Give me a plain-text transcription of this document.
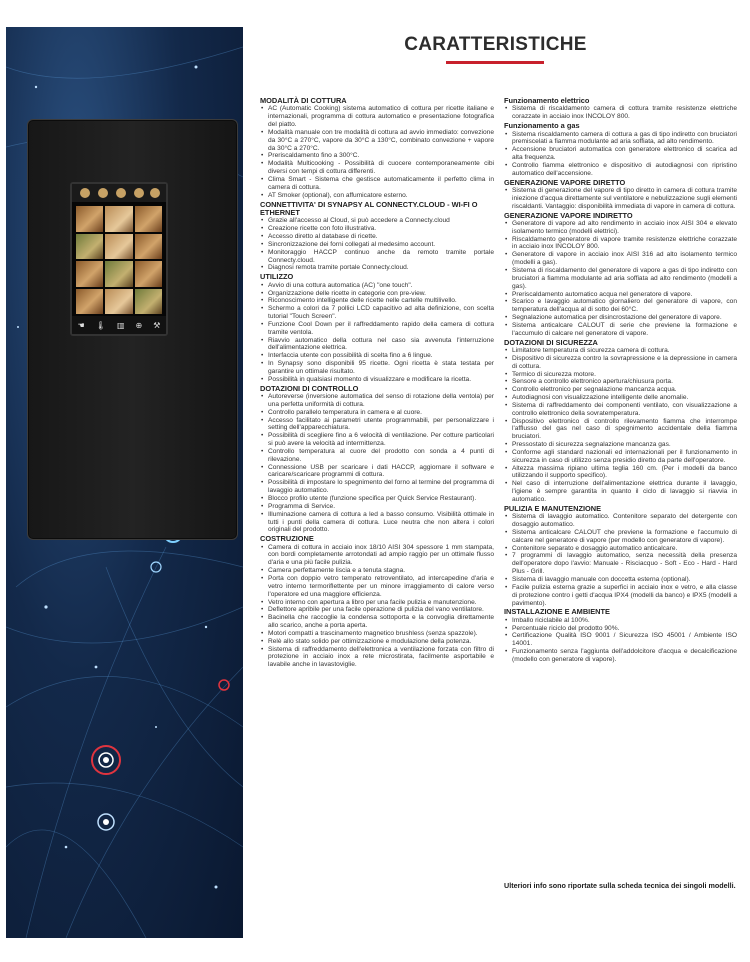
☚ 🌡 ▥ ⊕ ⚒
CARATTERISTICHE
MODALITÀ DI COTTURA
• AC (Automatic Cooking) sistema automatico di cottura per ricette italiane e internazionali, programma di cottura automatico e presentazione fotografica del piatto.
• Modalità manuale con tre modalità di cottura ad avvio immediato: convezione da 30°C a 270°C, vapore da 30°C a 130°C, combinato convezione + vapore da 30°C a 270°C.
• Preriscaldamento fino a 300°C.
• Modalità Multicooking - Possibilità di cuocere contemporaneamente cibi diversi con tempi di cottura differenti.
• Clima Smart - Sistema che gestisce automaticamente il perfetto clima in camera di cottura.
• AT Smoker (optional), con affumicatore esterno.
CONNETTIVITA' DI SYNAPSY AL CONNECTY.CLOUD - WI-FI O ETHERNET
• Grazie all'accesso al Cloud, si può accedere a Connecty.cloud
• Creazione ricette con foto illustrativa.
• Accesso diretto al database di ricette.
• Sincronizzazione dei forni collegati al medesimo account.
• Monitoraggio HACCP continuo anche da remoto tramite portale Connecty.cloud.
• Diagnosi remota tramite portale Connecty.cloud.
UTILIZZO
• Avvio di una cottura automatica (AC) "one touch".
• Organizzazione delle ricette in categorie con pre-view.
• Riconoscimento intelligente delle ricette nelle cartelle multilivello.
• Schermo a colori da 7 pollici LCD capacitivo ad alta definizione, con scelta tutorial "Touch Screen".
• Funzione Cool Down per il raffreddamento rapido della camera di cottura tramite ventola.
• Riavvio automatico della cottura nel caso sia avvenuta l'interruzione dell'alimentazione elettrica.
• Interfaccia utente con possibilità di scelta fino a 6 lingue.
• In Synapsy sono disponibili 95 ricette. Ogni ricetta è stata testata per garantire un ottimale risultato.
• Possibilità in qualsiasi momento di visualizzare e modificare la ricetta.
DOTAZIONI DI CONTROLLO
• Autoreverse (inversione automatica del senso di rotazione della ventola) per una perfetta uniformità di cottura.
• Controllo parallelo temperatura in camera e al cuore.
• Accesso facilitato ai parametri utente programmabili, per personalizzare i setting dell'apparecchiatura.
• Possibilità di scegliere fino a 6 velocità di ventilazione. Per cotture particolari si può avere la velocità ad intermittenza.
• Controllo temperatura al cuore del prodotto con sonda a 4 punti di rilevazione.
• Connessione USB per scaricare i dati HACCP, aggiornare il software e caricare/scaricare programmi di cottura.
• Possibilità di impostare lo spegnimento del forno al termine del programma di lavaggio automatico.
• Blocco profilo utente (funzione specifica per Quick Service Restaurant).
• Programma di Service.
• Illuminazione camera di cottura a led a basso consumo. Visibilità ottimale in tutti i punti della camera di cottura. Luce neutra che non altera i colori originali del prodotto.
COSTRUZIONE
• Camera di cottura in acciaio inox 18/10 AISI 304 spessore 1 mm stampata, con bordi completamente arrotondati ad ampio raggio per un ottimale flusso d'aria e una più facile pulizia.
• Camera perfettamente liscia e a tenuta stagna.
• Porta con doppio vetro temperato retroventilato, ad intercapedine d'aria e vetro interno termoriflettente per un minore irraggiamento di calore verso l'operatore ed una maggiore efficienza.
• Vetro interno con apertura a libro per una facile pulizia e manutenzione.
• Deflettore apribile per una facile operazione di pulizia del vano ventilatore.
• Bacinella che raccoglie la condensa sottoporta e la convoglia direttamente allo scarico, anche a porta aperta.
• Motori compatti a trascinamento magnetico brushless (senza spazzole).
• Relè allo stato solido per ottimizzazione e modulazione della potenza.
• Sistema di raffreddamento dell'elettronica a ventilazione forzata con filtro di protezione in acciaio inox a rete microstirata, facilmente asportabile e lavabile anche in lavastoviglie.
Funzionamento elettrico
• Sistema di riscaldamento camera di cottura tramite resistenze elettriche corazzate in acciaio inox INCOLOY 800.
Funzionamento a gas
• Sistema riscaldamento camera di cottura a gas di tipo indiretto con bruciatori premiscelati a fiamma modulante ad aria soffiata, ad alto rendimento.
• Accensione bruciatori automatica con generatore elettronico di scarica ad alta frequenza.
• Controllo fiamma elettronico e dispositivo di autodiagnosi con ripristino automatico dell'accensione.
GENERAZIONE VAPORE DIRETTO
• Sistema di generazione del vapore di tipo diretto in camera di cottura tramite iniezione d'acqua direttamente sul ventilatore e nebulizzazione sugli elementi riscaldanti. Vantaggio: disponibilità immediata di vapore in camera di cottura.
GENERAZIONE VAPORE INDIRETTO
• Generatore di vapore ad alto rendimento in acciaio inox AISI 304 e elevato isolamento termico (modelli elettrici).
• Riscaldamento generatore di vapore tramite resistenze elettriche corazzate in acciaio inox INCOLOY 800.
• Generatore di vapore in acciaio inox AISI 316 ad alto isolamento termico (modelli a gas).
• Sistema di riscaldamento del generatore di vapore a gas di tipo indiretto con bruciatori a fiamma modulante ad aria soffiata ad alto rendimento (modelli a gas).
• Preriscaldamento automatico acqua nel generatore di vapore.
• Scarico e lavaggio automatico giornaliero del generatore di vapore, con temperatura dell'acqua al di sotto dei 60°C.
• Segnalazione automatica per disincrostazione del generatore di vapore.
• Sistema anticalcare CALOUT di serie che previene la formazione e l'accumulo di calcare nel generatore di vapore.
DOTAZIONI DI SICUREZZA
• Limitatore temperatura di sicurezza camera di cottura.
• Dispositivo di sicurezza contro la sovrapressione e la depressione in camera di cottura.
• Termico di sicurezza motore.
• Sensore a controllo elettronico apertura/chiusura porta.
• Controllo elettronico per segnalazione mancanza acqua.
• Autodiagnosi con visualizzazione intelligente delle anomalie.
• Sistema di raffreddamento dei componenti ventilato, con visualizzazione a controllo elettronico della sovratemperatura.
• Dispositivo elettronico di controllo rilevamento fiamma che interrompe l'afflusso del gas nel caso di spegnimento accidentale della fiamma bruciatori.
• Pressostato di sicurezza segnalazione mancanza gas.
• Conforme agli standard nazionali ed internazionali per il funzionamento in sicurezza in caso di utilizzo senza presidio diretto da parte dell'operatore.
• Altezza massima ripiano ultima teglia 160 cm. (Per i modelli da banco utilizzando il supporto specifico).
• Nel caso di interruzione dell'alimentazione elettrica durante il lavaggio, l'igiene è sempre garantita in quanto il ciclo di lavaggio si riavvia in automatico.
PULIZIA E MANUTENZIONE
• Sistema di lavaggio automatico. Contenitore separato del detergente con dosaggio automatico.
• Sistema anticalcare CALOUT che previene la formazione e l'accumulo di calcare nel generatore di vapore (per modello con generatore di vapore).
• Contenitore separato e dosaggio automatico anticalcare.
• 7 programmi di lavaggio automatico, senza necessità della presenza dell'operatore dopo l'avvio: Manuale - Risciacquo - Soft - Eco - Hard - Hard Plus - Grill.
• Sistema di lavaggio manuale con doccetta esterna (optional).
• Facile pulizia esterna grazie a superfici in acciaio inox e vetro, e alla classe di protezione contro i getti d'acqua IPX4 (modelli da banco) e IPX5 (modelli a pavimento).
INSTALLAZIONE E AMBIENTE
• Imballo riciclabile al 100%.
• Percentuale riciclo del prodotto 90%.
• Certificazione Qualità ISO 9001 / Sicurezza ISO 45001 / Ambiente ISO 14001.
• Funzionamento senza l'aggiunta dell'addolcitore d'acqua e decalcificazione (modello con generatore di vapore).
Ulteriori info sono riportate sulla scheda tecnica dei singoli modelli.
